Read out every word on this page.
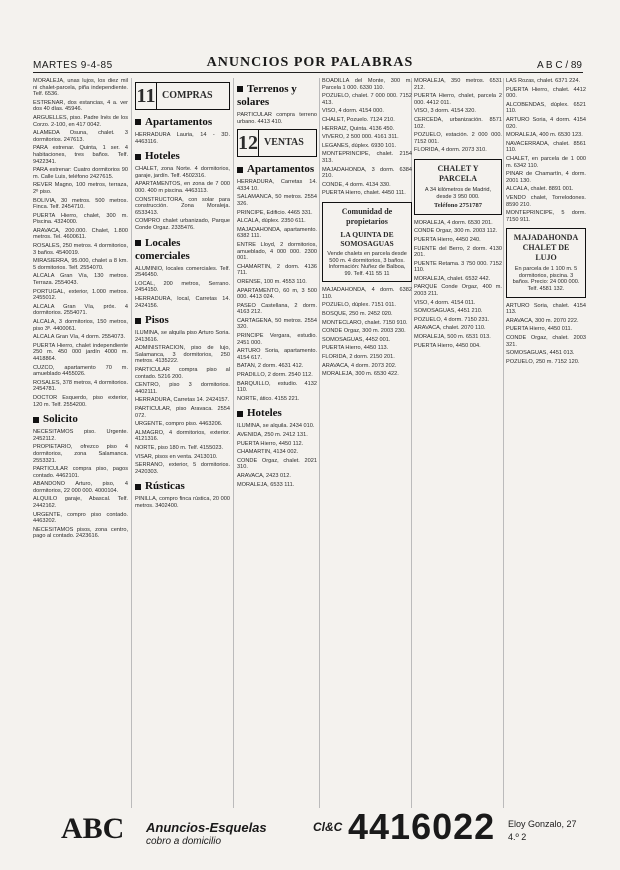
MARTES 9-4-85	ANUNCIOS POR PALABRAS	A B C / 89

MORALEJA, unas lujos, los diez mil ni chalet-parcela, piña independiente. Telf. 6536.

ESTRENAR, dos estancias, 4 a. ver dos 40 días. 45946.

ARGUELLES, piso. Padre Inés de los Corzo. 2-100, en 417 0042.

ALAMEDA Osuna, chalet. 3 dormitorios. 247613.

PARA estrenar. Quinta, 1 ser. 4 habitaciones, tres baños. Telf. 9422341.

PARA estrenar: Cuatro dormitorios 90 m. Calle Luis, teléfono 2427615.

REVER Magno, 100 metros, terraza, 2º piso.

BOLIVIA, 30 metros. 500 metros. Finca. Telf. 2454710.

PUERTA Hierro, chalet, 300 m. Piscina. 4324000.

ARAVACA, 200.000. Chalet, 1.800 metros. Tel. 4600611.

ROSALES, 250 metros. 4 dormitorios, 3 baños. 4540019.

MIRASIERRA, 95.000, chalet a 8 km. 5 dormitorios. Telf. 2554070.

ALCALA Gran Vía, 130 metros. Terraza. 2554043.

PORTUGAL, exterior, 1.000 metros. 2455012.

ALCALA Gran Vía, próx. 4 dormitorios. 2554071.

ALCALA, 3 dormitorios, 150 metros, piso 3º. 4400061.

ALCALA Gran Vía, 4 dorm. 2554073.

PUERTA Hierro, chalet independiente 250 m. 450 000 jardín 4000 m. 4418864.

CUZCO, apartamento 70 m. amueblado 4455026.

ROSALES, 378 metros, 4 dormitorios. 2454781.

DOCTOR Esquerdo, piso exterior, 120 m. Telf. 2554200.

Solicito

NECESITAMOS piso. Urgente. 2452112.

PROPIETARIO, ofrezco piso 4 dormitorios, zona Salamanca. 2553321.

PARTICULAR compra piso, pagos contado. 4462101.

ABANDONO Arturo, piso, 4 dormitorios, 22 000 000. 4000104.

ALQUILO garaje, Abascal. Telf. 2442162.

URGENTE, compro piso contado. 4463202.

NECESITAMOS pisos, zona centro, pago al contado. 2423616.

11 COMPRAS
Apartamentos

HERRADURA Lauria, 14 - 3D. 4463116.

Hoteles

CHALET, zona Norte. 4 dormitorios, garaje, jardín. Telf. 4502316.

APARTAMENTOS, en zona de 7 000 000. 400 m piscina. 4463113.

CONSTRUCTORA, con solar para construcción. Zona Moraleja. 6533413.

COMPRO chalet urbanizado, Parque Conde Orgaz. 2335476.

Locales comerciales

ALUMINIO, locales comerciales. Telf. 2546450.

LOCAL, 200 metros, Serrano. 2454150.

HERRADURA, local, Carretas 14. 2424156.

Pisos

ILUMINA, se alquila piso Arturo Soria. 2413616.

ADMINISTRACION, piso de lujo, Salamanca, 3 dormitorios, 250 metros. 4135222.

PARTICULAR compra piso al contado. 5216 200.

CENTRO, piso 3 dormitorios. 4402111.

HERRADURA, Carretas 14. 2424157.

PARTICULAR, piso Aravaca. 2554 072.

URGENTE, compro piso. 4463206.

ALMAGRO, 4 dormitorios, exterior. 4121316.

NORTE, piso 180 m. Telf. 4155023.

VISAR, pisos en venta. 2413010.

SERRANO, exterior, 5 dormitorios. 2420303.

Rústicas

PINILLA, compro finca rústica, 20 000 metros. 3402400.

Terrenos y solares

PARTICULAR compra terreno urbano. 4413 410.

12 VENTAS
Apartamentos

HERRADURA, Carretas 14. 4334 10.

SALAMANCA, 50 metros. 2554 326.

PRINCIPE, Edificio. 4465 331.

ALCALA, dúplex. 2350 611.

MAJADAHONDA, apartamento. 6382 111.

ENTRE Lloyd, 2 dormitorios, amueblado, 4 000 000. 2300 001.

CHAMARTIN, 2 dorm. 4136 711.

ORENSE, 100 m. 4553 110.

APARTAMENTO, 60 m, 3 500 000. 4413 024.

PASEO Castellana, 2 dorm. 4163 212.

CARTAGENA, 50 metros. 2554 320.

PRINCIPE Vergara, estudio. 2451 000.

ARTURO Soria, apartamento. 4154 617.

BATAN, 2 dorm. 4631 412.

PRADILLO, 2 dorm. 2540 112.

BARQUILLO, estudio. 4132 110.

NORTE, ático. 4155 221.

Hoteles

ILUMINA, se alquila. 2434 010.

AVENIDA, 250 m. 2412 131.

PUERTA Hierro, 4450 112.

CHAMARTIN, 4134 002.

CONDE Orgaz, chalet. 2021 310.

ARAVACA, 2423 012.

MORALEJA, 6533 111.

BOADILLA del Monte, 300 m. Parcela 1 000. 6330 110.

POZUELO, chalet. 7 000 000. 7152 413.

VISO, 4 dorm. 4154 000.

CHALET, Pozuelo. 7124 210.

HERRAIZ, Quinta. 4136 450.

VIVERO, 2 500 000. 4161 311.

LEGANES, dúplex. 6930 101.

MONTEPRINCIPE, chalet. 2154 313.

MAJADAHONDA, 3 dorm. 6384 210.

CONDE, 4 dorm. 4134 330.

PUERTA Hierro, chalet. 4450 111.

Comunidad de propietarios
LA QUINTA DE SOMOSAGUAS
Vende chalets en parcela desde 500 m. 4 dormitorios, 3 baños. Información: Nuñez de Balboa, 99. Telf. 411 55 11

MAJADAHONDA, 4 dorm. 6382 110.

POZUELO, dúplex. 7151 011.

BOSQUE, 250 m. 2452 020.

MONTECLARO, chalet. 7150 910.

CONDE Orgaz, 300 m. 2003 230.

SOMOSAGUAS, 4452 001.

PUERTA Hierro, 4450 113.

FLORIDA, 2 dorm. 2150 201.

ARAVACA, 4 dorm. 2073 202.

MORALEJA, 300 m. 6530 422.

MORALEJA, 350 metros. 6531 212.

PUERTA Hierro, chalet, parcela 2 000. 4412 011.

VISO, 3 dorm. 4154 320.

CERCEDA, urbanización. 8571 102.

POZUELO, estación. 2 000 000. 7152 001.

FLORIDA, 4 dorm. 2073 310.

CHALET Y PARCELA
A 34 kilómetros de Madrid, desde 3 950 000.
Teléfono 2751787

MORALEJA, 4 dorm. 6530 201.

CONDE Orgaz, 300 m. 2003 112.

PUERTA Hierro, 4450 240.

FUENTE del Berro, 2 dorm. 4130 201.

PUENTE Retama. 3 750 000. 7152 110.

MORALEJA, chalet. 6532 442.

PARQUE Conde Orgaz, 400 m. 2003 211.

VISO, 4 dorm. 4154 011.

SOMOSAGUAS, 4451 210.

POZUELO, 4 dorm. 7150 231.

ARAVACA, chalet. 2070 110.

MORALEJA, 500 m. 6531 013.

PUERTA Hierro, 4450 004.

LAS Rozas, chalet. 6371 224.

PUERTA Hierro, chalet. 4412 000.

ALCOBENDAS, dúplex. 6521 110.

ARTURO Soria, 4 dorm. 4154 020.

MORALEJA, 400 m. 6530 123.

NAVACERRADA, chalet. 8561 110.

CHALET, en parcela de 1 000 m. 6342 110.

PINAR de Chamartín, 4 dorm. 2001 130.

ALCALA, chalet. 8891 001.

VENDO chalet, Torrelodones. 8590 210.

MONTEPRINCIPE, 5 dorm. 7150 911.

MAJADAHONDA CHALET DE LUJO
En parcela de 1 100 m. 5 dormitorios, piscina. 3 baños. Precio: 24 000 000. Telf. 4581 132.

ARTURO Soria, chalet. 4154 113.

ARAVACA, 300 m. 2070 222.

PUERTA Hierro, 4450 011.

CONDE Orgaz, chalet. 2003 321.

SOMOSAGUAS, 4451 013.

POZUELO, 250 m. 7152 120.

ABC Anuncios-Esquelas
cobro a domicilio
Cl&C 4416022 Eloy Gonzalo, 27
4.º 2
